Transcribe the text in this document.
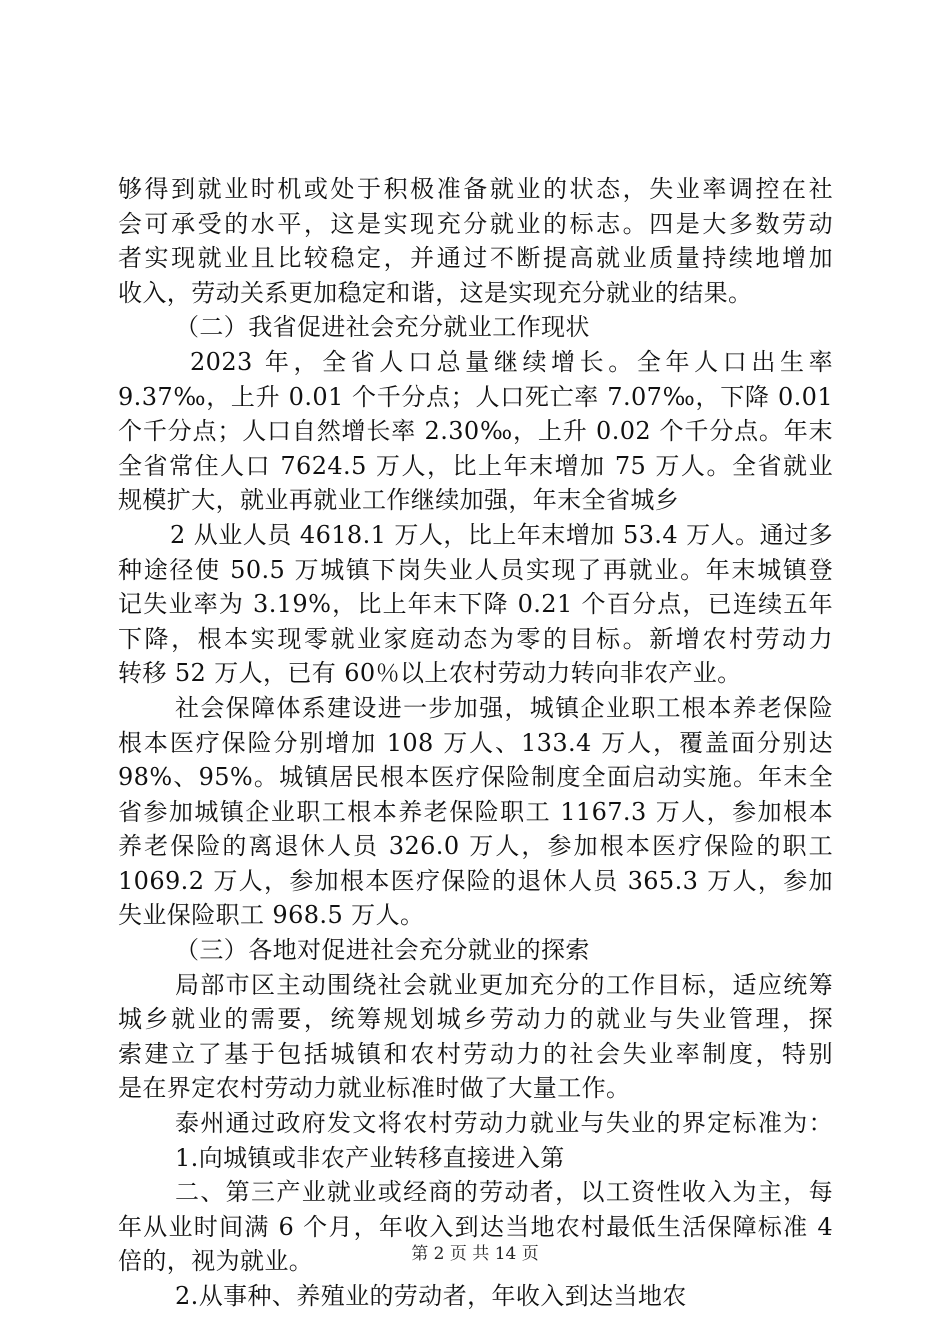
够得到就业时机或处于积极准备就业的状态，失业率调控在社
会可承受的水平，这是实现充分就业的标志。四是大多数劳动
者实现就业且比较稳定，并通过不断提高就业质量持续地增加
收入，劳动关系更加稳定和谐，这是实现充分就业的结果。
（二）我省促进社会充分就业工作现状
2023 年，全省人口总量继续增长。全年人口出生率
9.37‰，上升 0.01 个千分点；人口死亡率 7.07‰，下降 0.01
个千分点；人口自然增长率 2.30‰，上升 0.02 个千分点。年末
全省常住人口 7624.5 万人，比上年末增加 75 万人。全省就业
规模扩大，就业再就业工作继续加强，年末全省城乡
2 从业人员 4618.1 万人，比上年末增加 53.4 万人。通过多
种途径使 50.5 万城镇下岗失业人员实现了再就业。年末城镇登
记失业率为 3.19%，比上年末下降 0.21 个百分点，已连续五年
下降，根本实现零就业家庭动态为零的目标。新增农村劳动力
转移 52 万人，已有 60％以上农村劳动力转向非农产业。
社会保障体系建设进一步加强，城镇企业职工根本养老保险
根本医疗保险分别增加 108 万人、133.4 万人，覆盖面分别达
98%、95%。城镇居民根本医疗保险制度全面启动实施。年末全
省参加城镇企业职工根本养老保险职工 1167.3 万人，参加根本
养老保险的离退休人员 326.0 万人，参加根本医疗保险的职工
1069.2 万人，参加根本医疗保险的退休人员 365.3 万人，参加
失业保险职工 968.5 万人。
（三）各地对促进社会充分就业的探索
局部市区主动围绕社会就业更加充分的工作目标，适应统筹
城乡就业的需要，统筹规划城乡劳动力的就业与失业管理，探
索建立了基于包括城镇和农村劳动力的社会失业率制度，特别
是在界定农村劳动力就业标准时做了大量工作。
泰州通过政府发文将农村劳动力就业与失业的界定标准为：
1.向城镇或非农产业转移直接进入第
二、第三产业就业或经商的劳动者，以工资性收入为主，每
年从业时间满 6 个月，年收入到达当地农村最低生活保障标准 4
倍的，视为就业。
2.从事种、养殖业的劳动者，年收入到达当地农
第 2 页 共 14 页
